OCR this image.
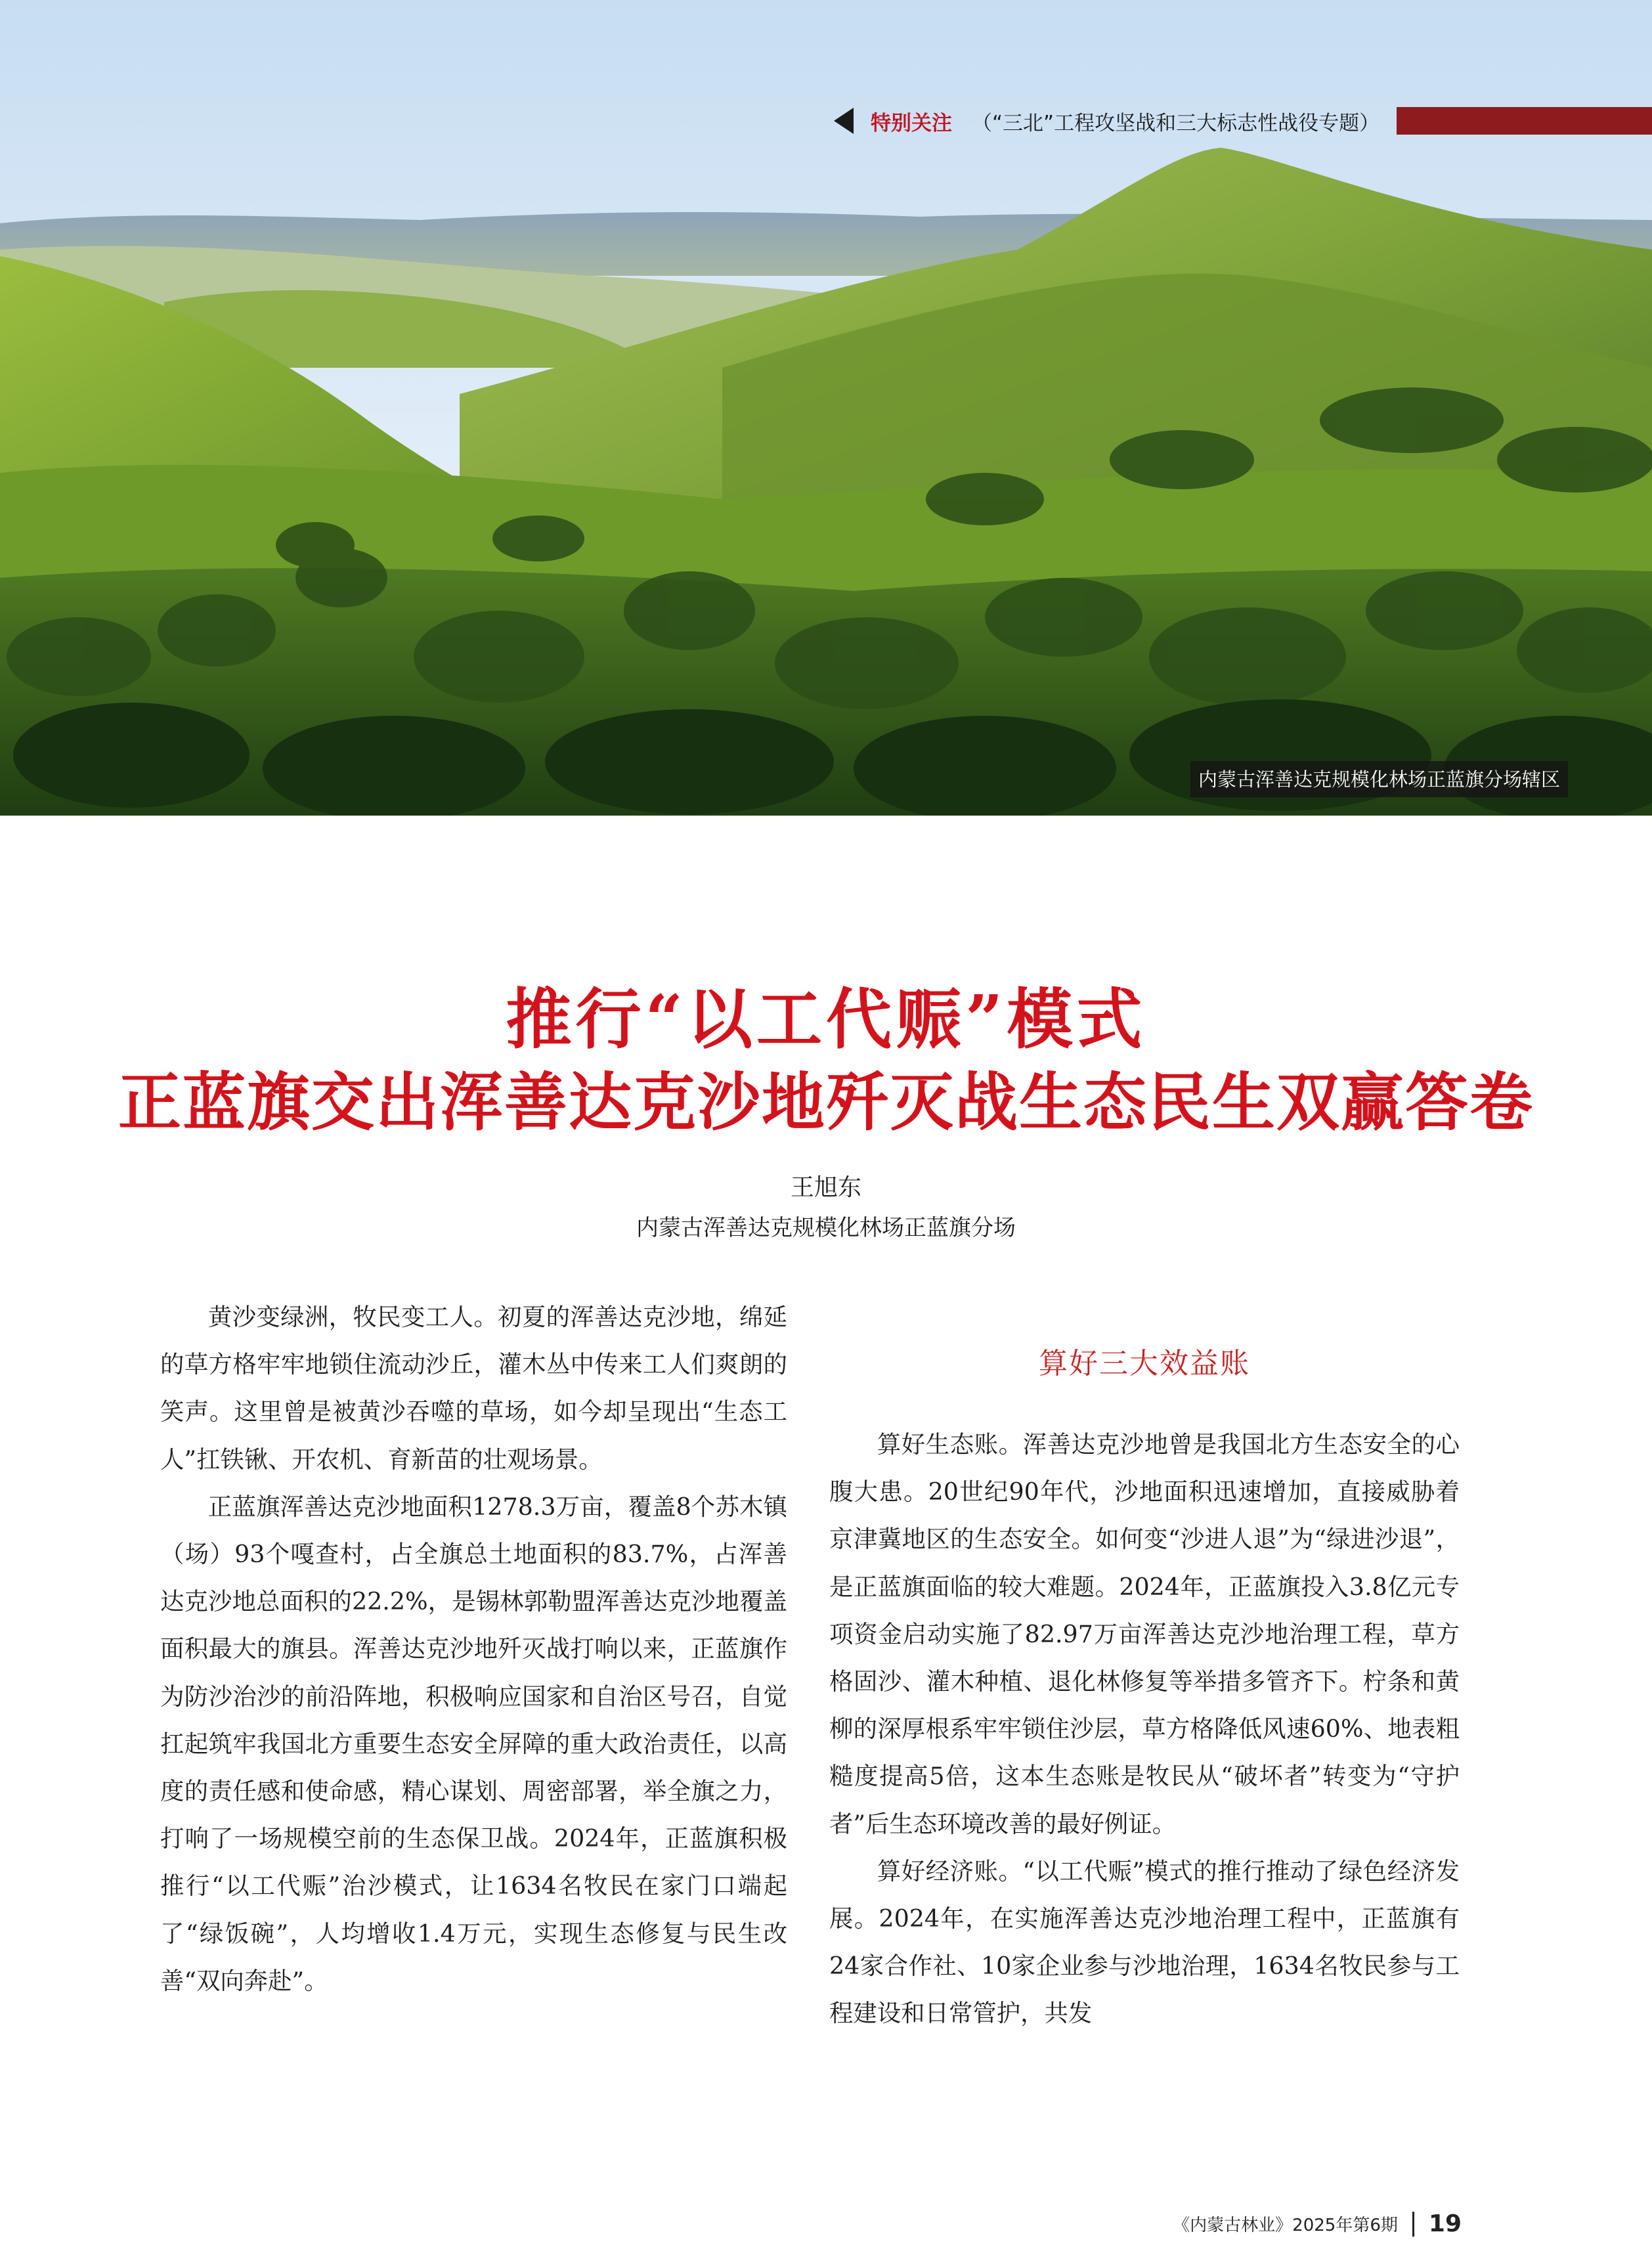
特别关注 （“三北”工程攻坚战和三大标志性战役专题）
内蒙古浑善达克规模化林场正蓝旗分场辖区
推行“以工代赈”模式
正蓝旗交出浑善达克沙地歼灭战生态民生双赢答卷
王旭东
内蒙古浑善达克规模化林场正蓝旗分场

黄沙变绿洲，牧民变工人。初夏的浑善达克沙地，绵延的草方格牢牢地锁住流动沙丘，灌木丛中传来工人们爽朗的笑声。这里曾是被黄沙吞噬的草场，如今却呈现出“生态工人”扛铁锹、开农机、育新苗的壮观场景。

正蓝旗浑善达克沙地面积1278.3万亩，覆盖8个苏木镇（场）93个嘎查村，占全旗总土地面积的83.7%，占浑善达克沙地总面积的22.2%，是锡林郭勒盟浑善达克沙地覆盖面积最大的旗县。浑善达克沙地歼灭战打响以来，正蓝旗作为防沙治沙的前沿阵地，积极响应国家和自治区号召，自觉扛起筑牢我国北方重要生态安全屏障的重大政治责任，以高度的责任感和使命感，精心谋划、周密部署，举全旗之力，打响了一场规模空前的生态保卫战。2024年，正蓝旗积极推行“以工代赈”治沙模式，让1634名牧民在家门口端起了“绿饭碗”，人均增收1.4万元，实现生态修复与民生改善“双向奔赴”。

算好三大效益账

算好生态账。浑善达克沙地曾是我国北方生态安全的心腹大患。20世纪90年代，沙地面积迅速增加，直接威胁着京津冀地区的生态安全。如何变“沙进人退”为“绿进沙退”，是正蓝旗面临的较大难题。2024年，正蓝旗投入3.8亿元专项资金启动实施了82.97万亩浑善达克沙地治理工程，草方格固沙、灌木种植、退化林修复等举措多管齐下。柠条和黄柳的深厚根系牢牢锁住沙层，草方格降低风速60%、地表粗糙度提高5倍，这本生态账是牧民从“破坏者”转变为“守护者”后生态环境改善的最好例证。

算好经济账。“以工代赈”模式的推行推动了绿色经济发展。2024年，在实施浑善达克沙地治理工程中，正蓝旗有24家合作社、10家企业参与沙地治理，1634名牧民参与工程建设和日常管护，共发

《内蒙古林业》2025年第6期 19
